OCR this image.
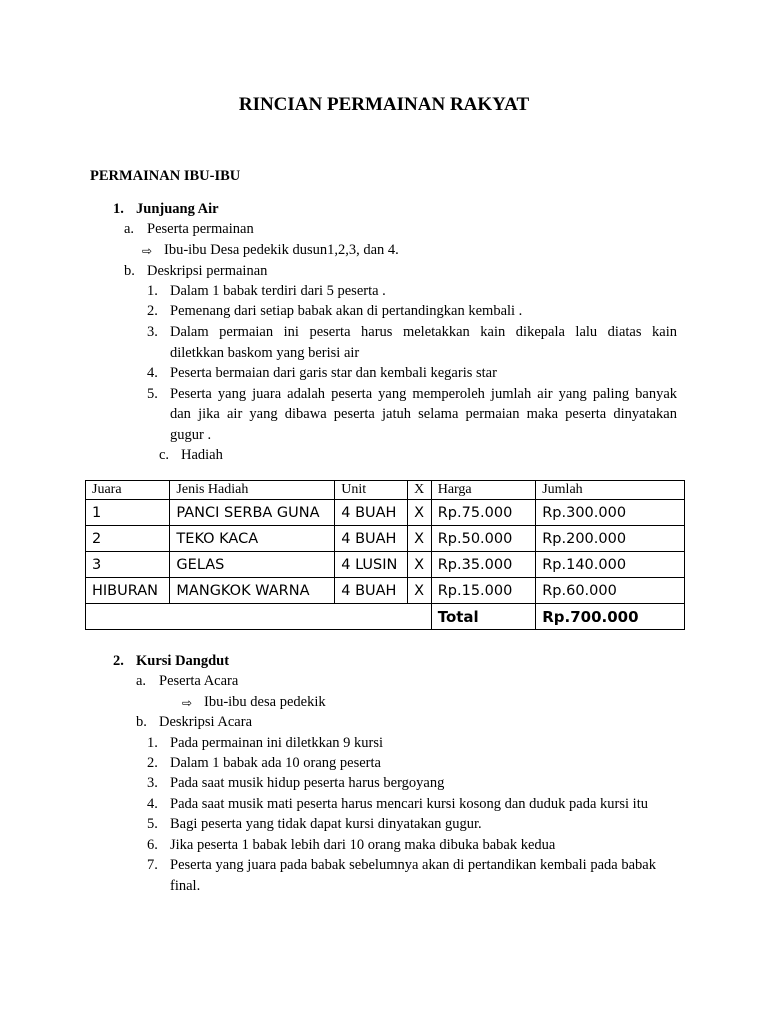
RINCIAN PERMAINAN RAKYAT
PERMAINAN IBU-IBU
1. Junjuang Air
a. Peserta permainan
⇨ Ibu-ibu Desa pedekik dusun1,2,3, dan 4.
b. Deskripsi permainan
1. Dalam 1 babak terdiri dari 5 peserta .
2. Pemenang dari setiap babak akan di pertandingkan kembali .
3. Dalam permaian ini peserta harus meletakkan kain dikepala lalu diatas kain
diletkkan baskom yang berisi air
4. Peserta bermaian dari garis star dan kembali kegaris star
5. Peserta yang juara adalah peserta yang memperoleh jumlah air yang paling banyak
dan jika air yang dibawa peserta jatuh selama permaian maka peserta dinyatakan
gugur .
c. Hadiah
Juara	Jenis Hadiah	Unit	X	Harga	Jumlah
1	PANCI SERBA GUNA	4 BUAH	X	Rp.75.000	Rp.300.000
2	TEKO KACA	4 BUAH	X	Rp.50.000	Rp.200.000
3	GELAS	4 LUSIN	X	Rp.35.000	Rp.140.000
HIBURAN	MANGKOK WARNA	4 BUAH	X	Rp.15.000	Rp.60.000
				Total	Rp.700.000
2. Kursi Dangdut
a. Peserta Acara
⇨ Ibu-ibu desa pedekik
b. Deskripsi Acara
1. Pada permainan ini diletkkan 9 kursi
2. Dalam 1 babak ada 10 orang peserta
3. Pada saat musik hidup peserta harus bergoyang
4. Pada saat musik mati peserta harus mencari kursi kosong dan duduk pada kursi itu
5. Bagi peserta yang tidak dapat kursi dinyatakan gugur.
6. Jika peserta 1 babak lebih dari 10 orang maka dibuka babak kedua
7. Peserta yang juara pada babak sebelumnya akan di pertandikan kembali pada babak
final.
